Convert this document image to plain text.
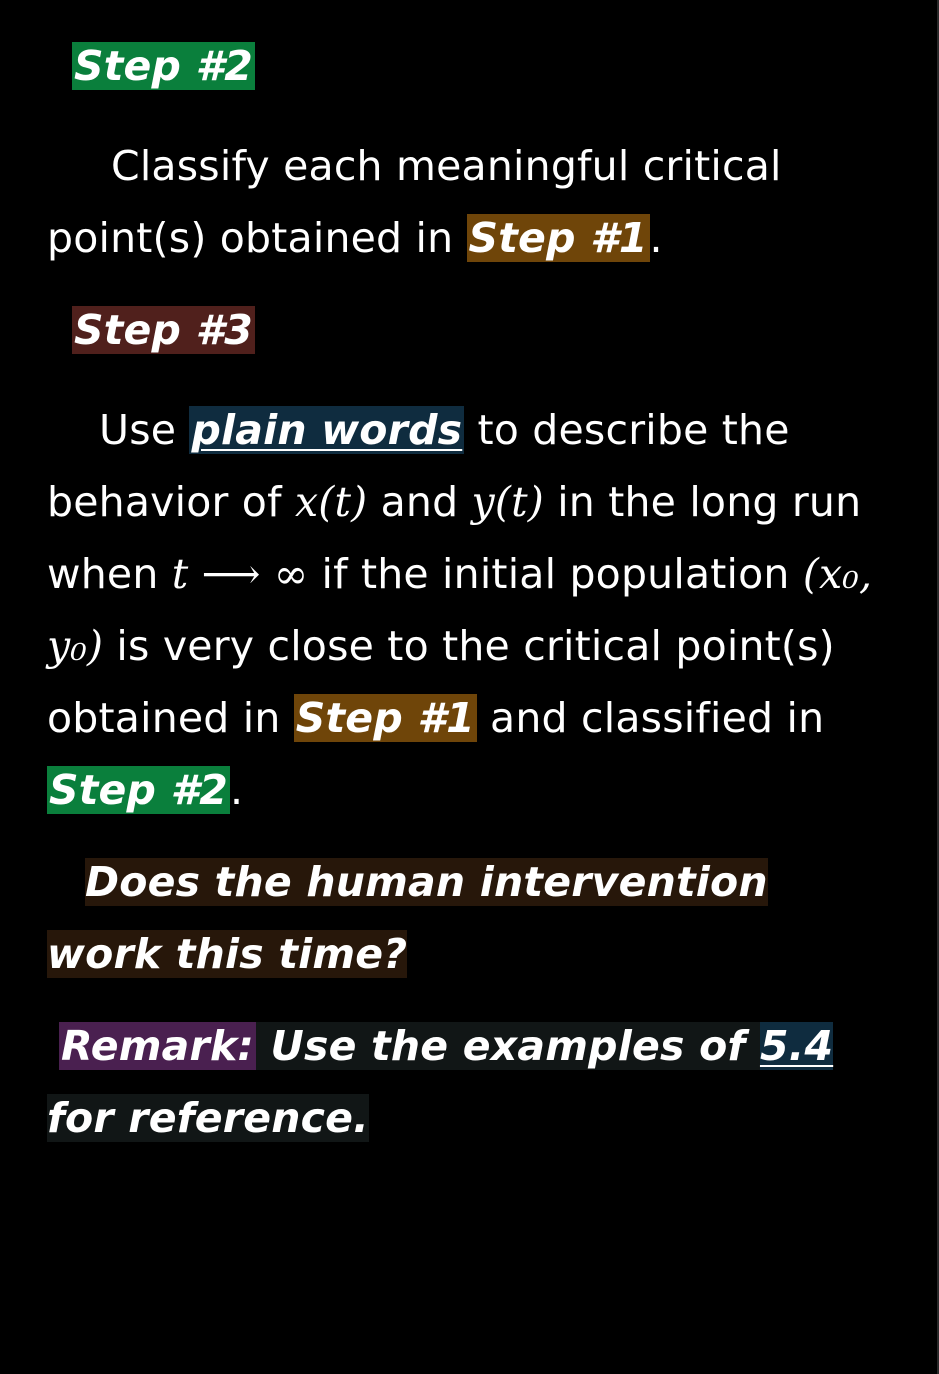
Step #2

Classify each meaningful critical point(s) obtained in Step #1.

Step #3

Use plain words to describe the behavior of x(t) and y(t) in the long run when t ⟶ ∞ if the initial population (x₀, y₀) is very close to the critical point(s) obtained in Step #1 and classified in Step #2.

Does the human intervention work this time?

Remark: Use the examples of 5.4 for reference.
